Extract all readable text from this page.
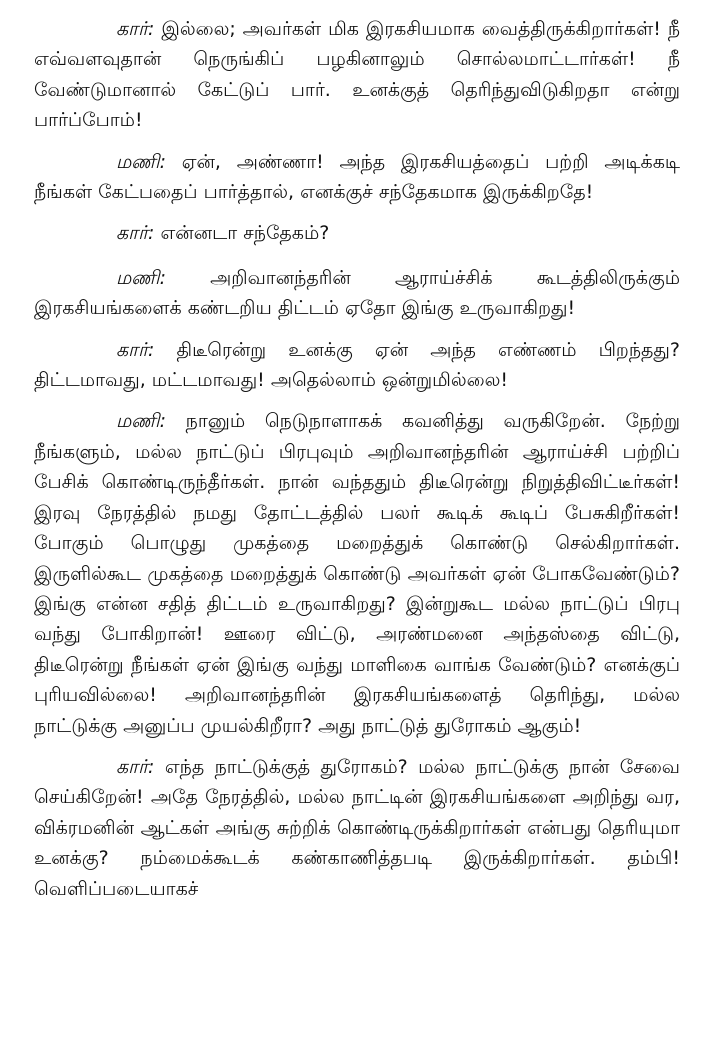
கார் : இல்லை; அவர்கள் மிக இரகசியமாக வைத்திருக்கிறார்கள்! நீ எவ்வளவுதான் நெருங்கிப் பழகினாலும் சொல்லமாட்டார்கள்! நீ வேண்டுமானால் கேட்டுப் பார். உனக்குத் தெரிந்துவிடுகிறதா என்று பார்ப்போம்!

மணி : ஏன், அண்ணா! அந்த இரகசியத்தைப் பற்றி அடிக்கடி நீங்கள் கேட்பதைப் பார்த்தால், எனக்குச் சந்தேகமாக இருக்கிறதே!

கார் : என்னடா சந்தேகம்?

மணி :	அறிவானந்தரின் ஆராய்ச்சிக் கூடத்திலிருக்கும் இரகசியங்களைக் கண்டறிய திட்டம் ஏதோ இங்கு உருவாகிறது!

கார் : திடீரென்று உனக்கு ஏன் அந்த எண்ணம் பிறந்தது? திட்டமாவது, மட்டமாவது! அதெல்லாம் ஒன்றுமில்லை!

மணி : நானும் நெடுநாளாகக் கவனித்து வருகிறேன். நேற்று நீங்களும், மல்ல நாட்டுப் பிரபுவும் அறிவானந்தரின் ஆராய்ச்சி பற்றிப் பேசிக் கொண்டிருந்தீர்கள். நான் வந்ததும் திடீரென்று நிறுத்திவிட்டீர்கள்! இரவு நேரத்தில் நமது தோட்டத்தில் பலர் கூடிக் கூடிப் பேசுகிறீர்கள்! போகும் பொழுது முகத்தை மறைத்துக் கொண்டு செல்கிறார்கள். இருளில்கூட முகத்தை மறைத்துக் கொண்டு அவர்கள் ஏன் போகவேண்டும்? இங்கு என்ன சதித் திட்டம் உருவாகிறது? இன்றுகூட மல்ல நாட்டுப் பிரபு வந்து போகிறான்! ஊரை விட்டு, அரண்மனை அந்தஸ்தை விட்டு, திடீரென்று நீங்கள் ஏன் இங்கு வந்து மாளிகை வாங்க வேண்டும்? எனக்குப் புரியவில்லை! அறிவானந்தரின் இரகசியங்களைத் தெரிந்து, மல்ல நாட்டுக்கு அனுப்ப முயல்கிறீரா? அது நாட்டுத் துரோகம் ஆகும்!

கார் : எந்த நாட்டுக்குத் துரோகம்? மல்ல நாட்டுக்கு நான் சேவை செய்கிறேன்! அதே நேரத்தில், மல்ல நாட்டின் இரகசியங்களை அறிந்து வர, விக்ரமனின் ஆட்கள் அங்கு சுற்றிக் கொண்டிருக்கிறார்கள் என்பது தெரியுமா உனக்கு? நம்மைக்கூடக் கண்காணித்தபடி இருக்கிறார்கள். தம்பி! வெளிப்படையாகச்
